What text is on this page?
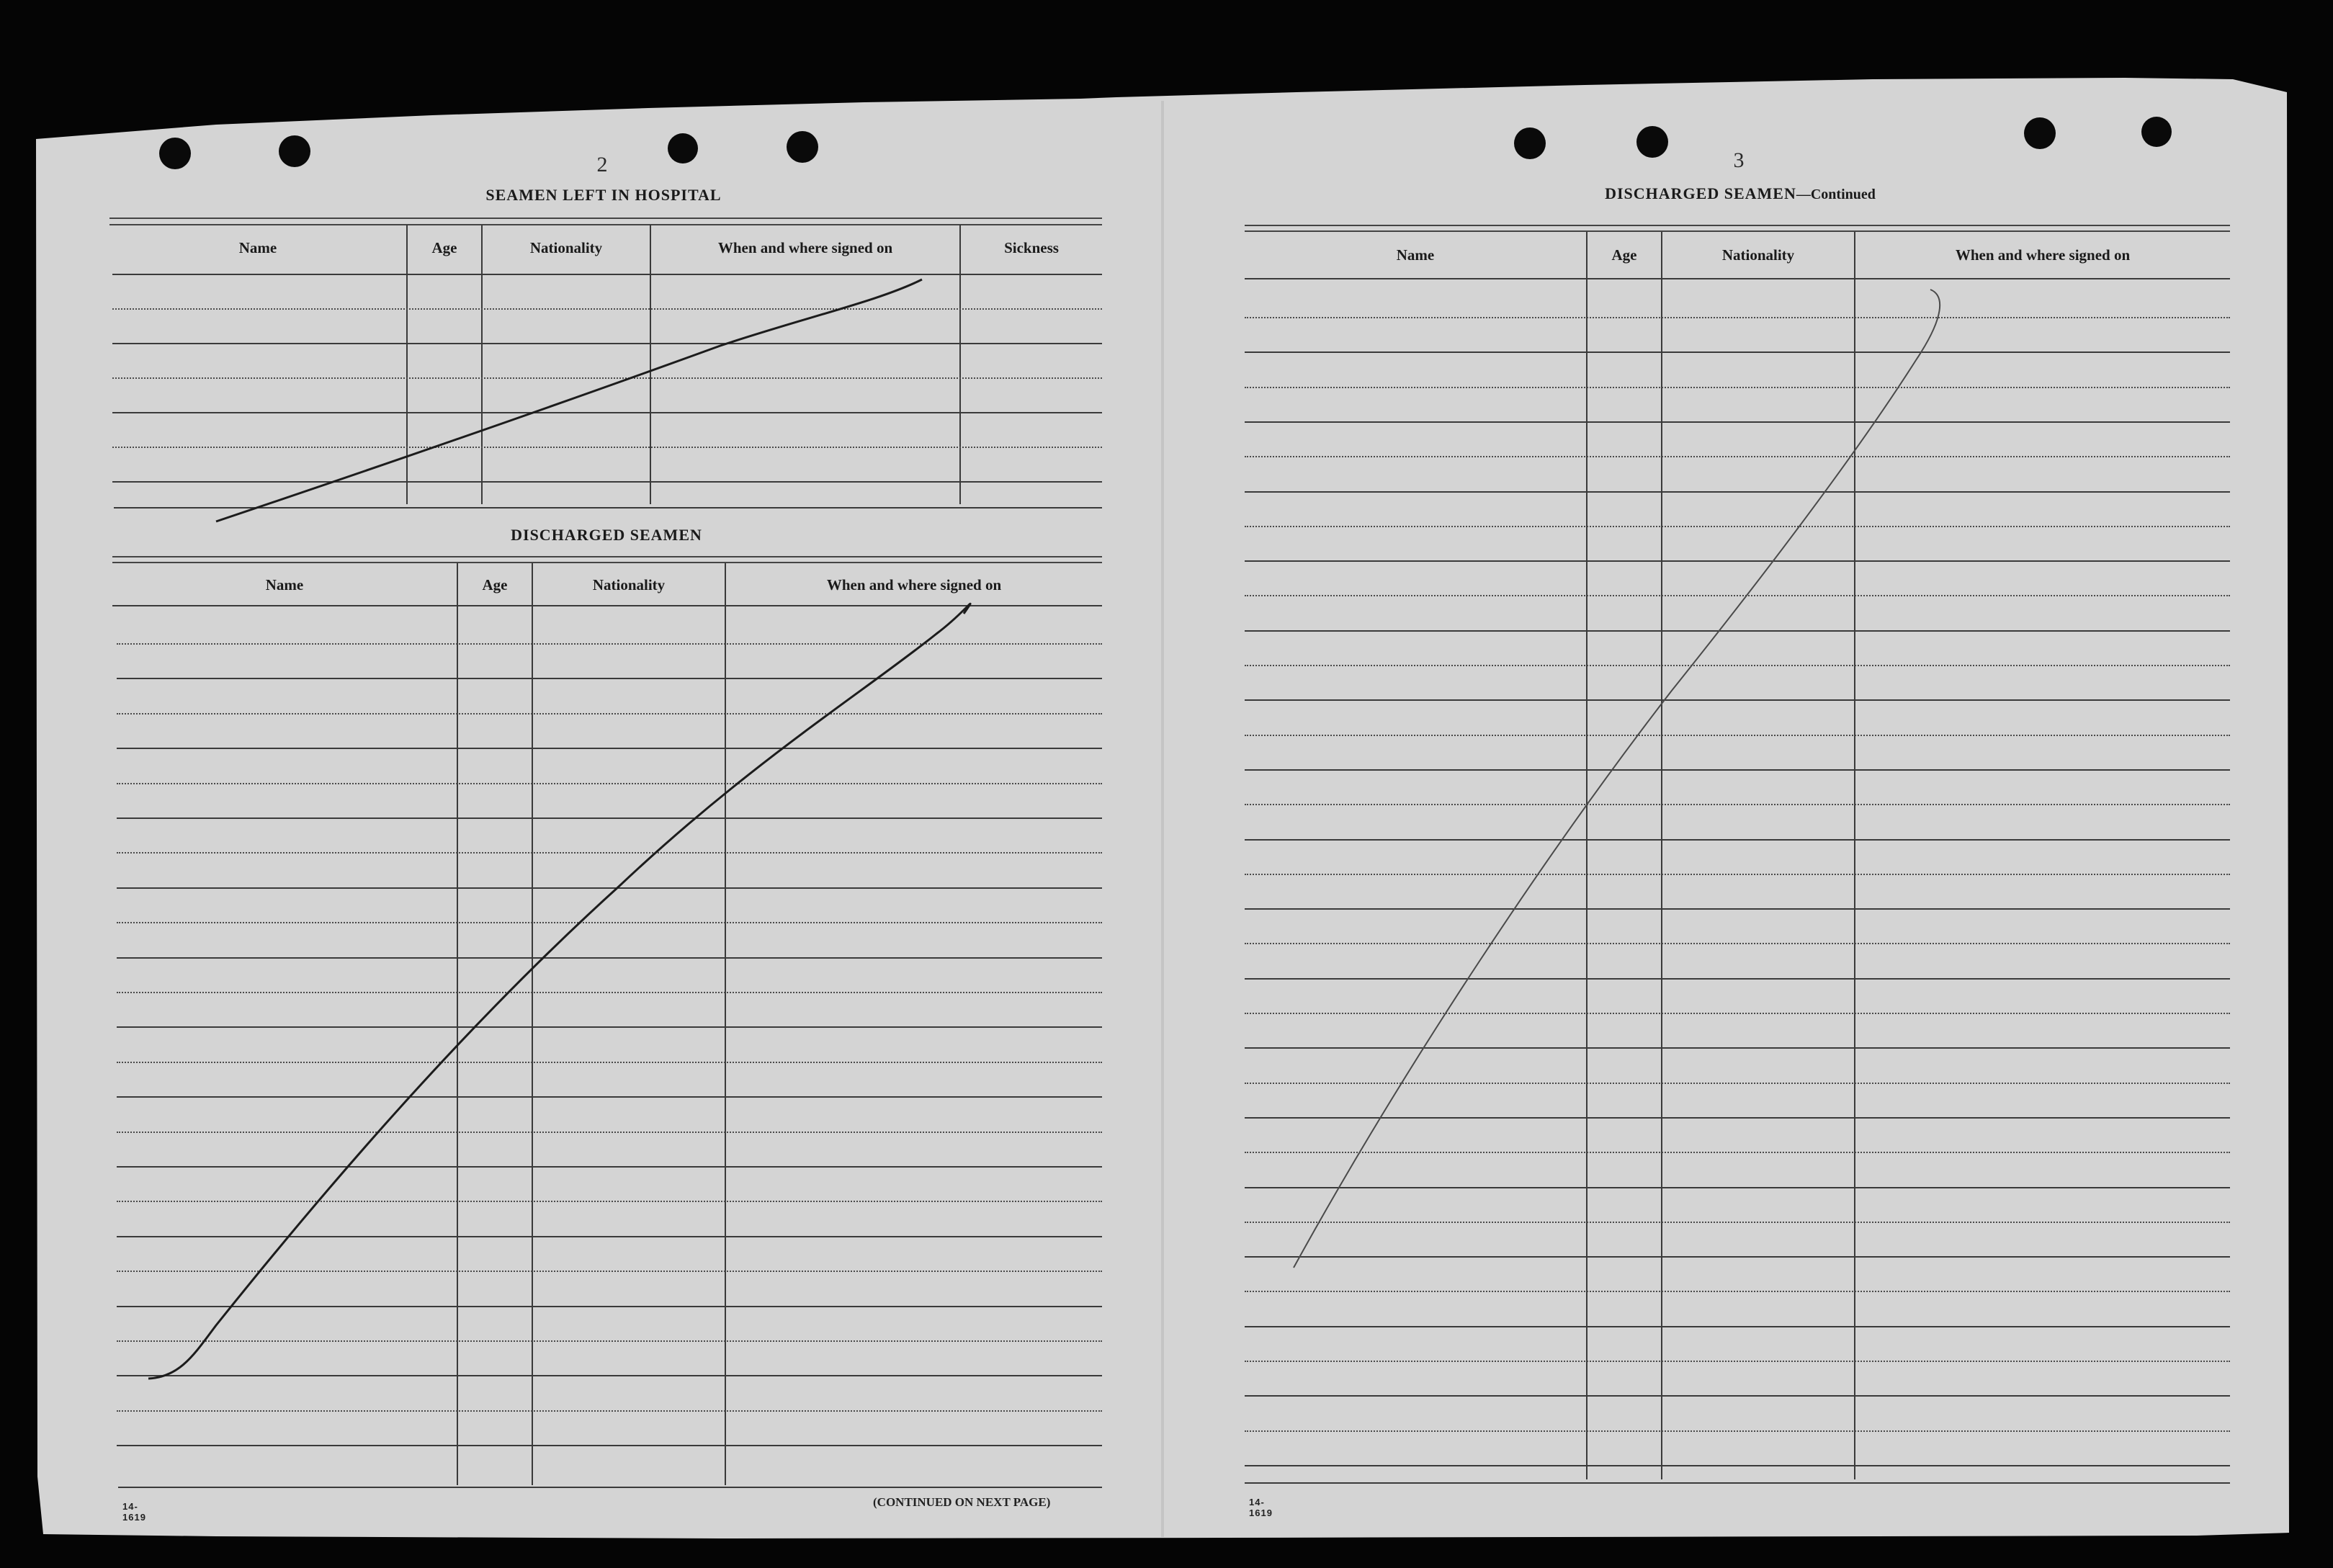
2
SEAMEN LEFT IN HOSPITAL
Name	Age	Nationality	When and where signed on	Sickness
DISCHARGED SEAMEN
Name	Age	Nationality	When and where signed on
14-1619
(CONTINUED ON NEXT PAGE)
3
DISCHARGED SEAMEN—Continued
Name	Age	Nationality	When and where signed on
14-1619
